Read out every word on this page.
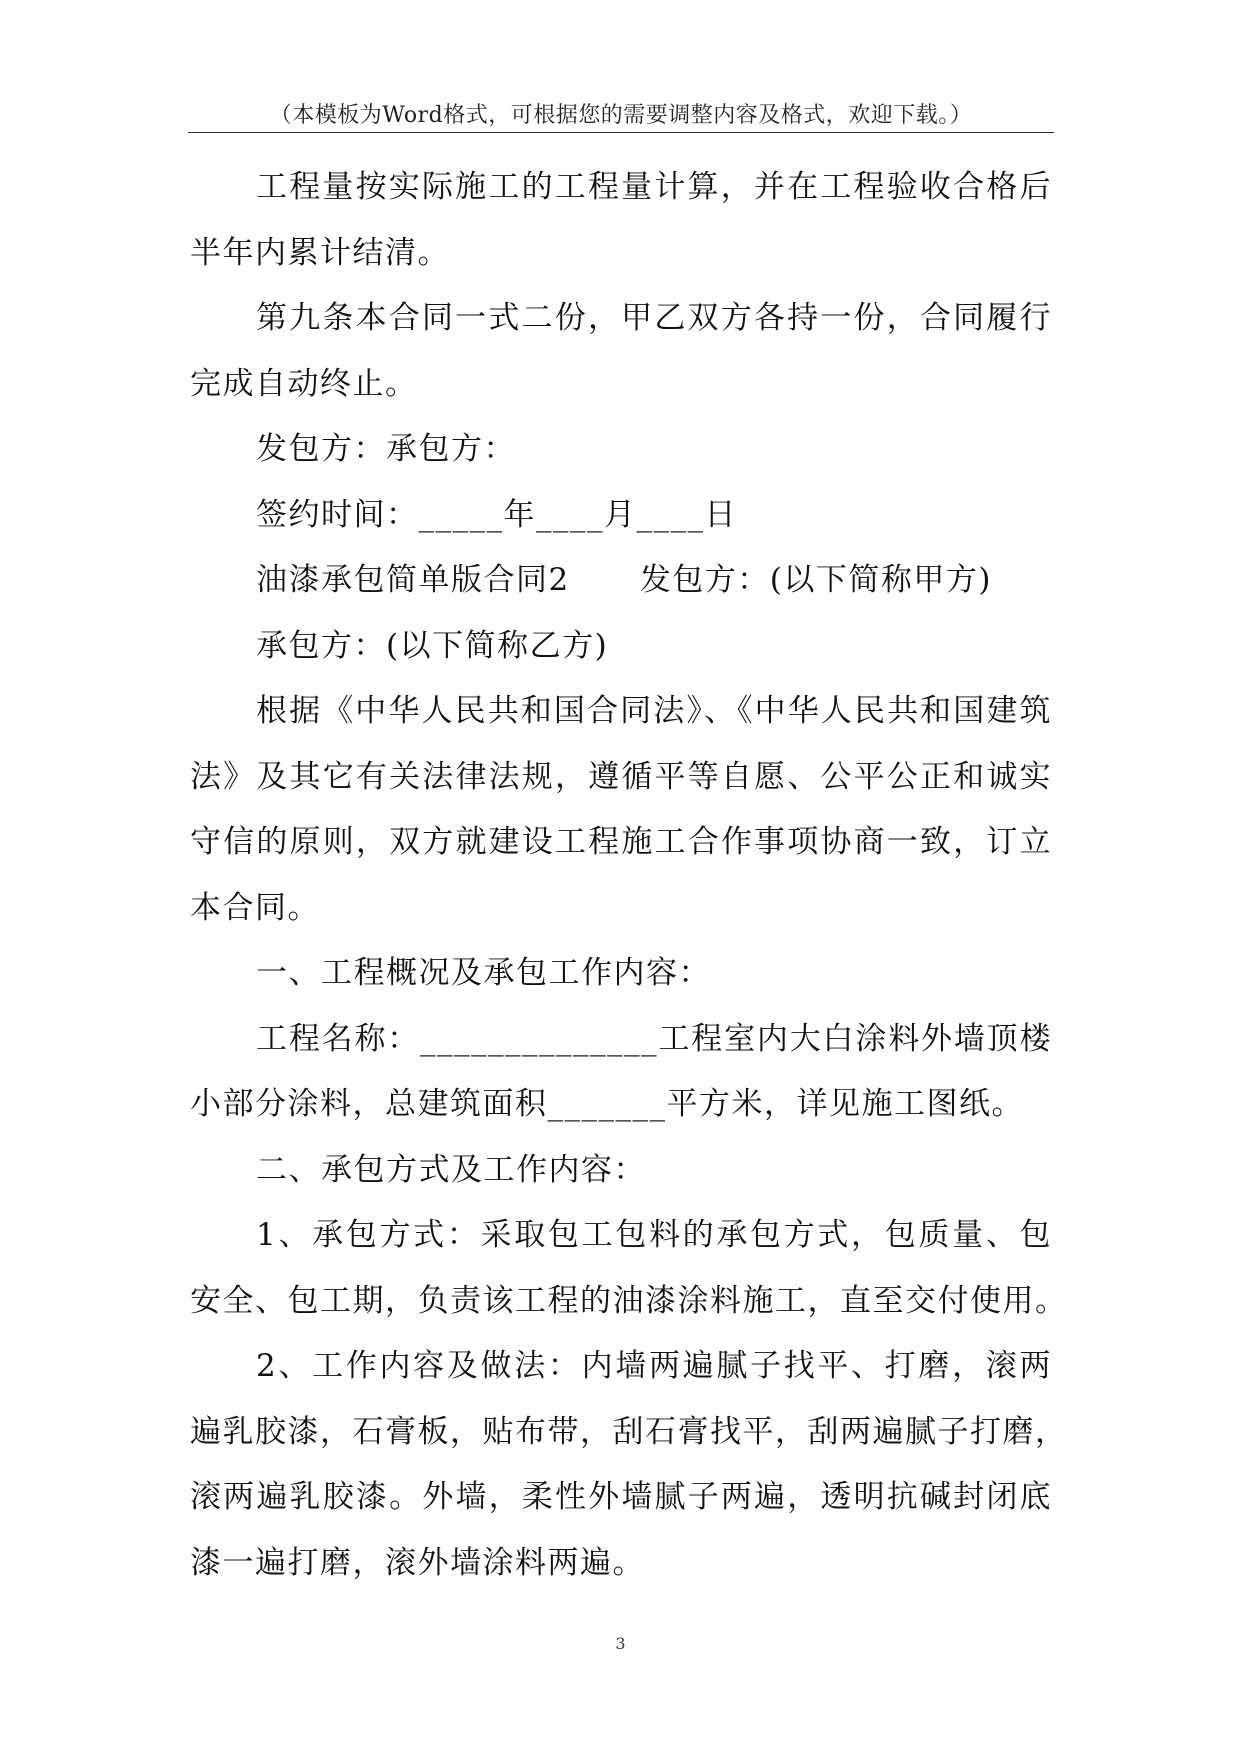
（本模板为Word格式，可根据您的需要调整内容及格式，欢迎下载。）
工程量按实际施工的工程量计算，并在工程验收合格后
半年内累计结清。
第九条本合同一式二份，甲乙双方各持一份，合同履行
完成自动终止。
发包方：承包方：
签约时间：_____年____月____日
油漆承包简单版合同2 发包方：(以下简称甲方)
承包方：(以下简称乙方)
根据《中华人民共和国合同法》、《中华人民共和国建筑
法》及其它有关法律法规，遵循平等自愿、公平公正和诚实
守信的原则，双方就建设工程施工合作事项协商一致，订立
本合同。
一、工程概况及承包工作内容：
工程名称：______________工程室内大白涂料外墙顶楼
小部分涂料，总建筑面积_______平方米，详见施工图纸。
二、承包方式及工作内容：
1、承包方式：采取包工包料的承包方式，包质量、包
安全、包工期，负责该工程的油漆涂料施工，直至交付使用。
2、工作内容及做法：内墙两遍腻子找平、打磨，滚两
遍乳胶漆，石膏板，贴布带，刮石膏找平，刮两遍腻子打磨，
滚两遍乳胶漆。外墙，柔性外墙腻子两遍，透明抗碱封闭底
漆一遍打磨，滚外墙涂料两遍。
3
